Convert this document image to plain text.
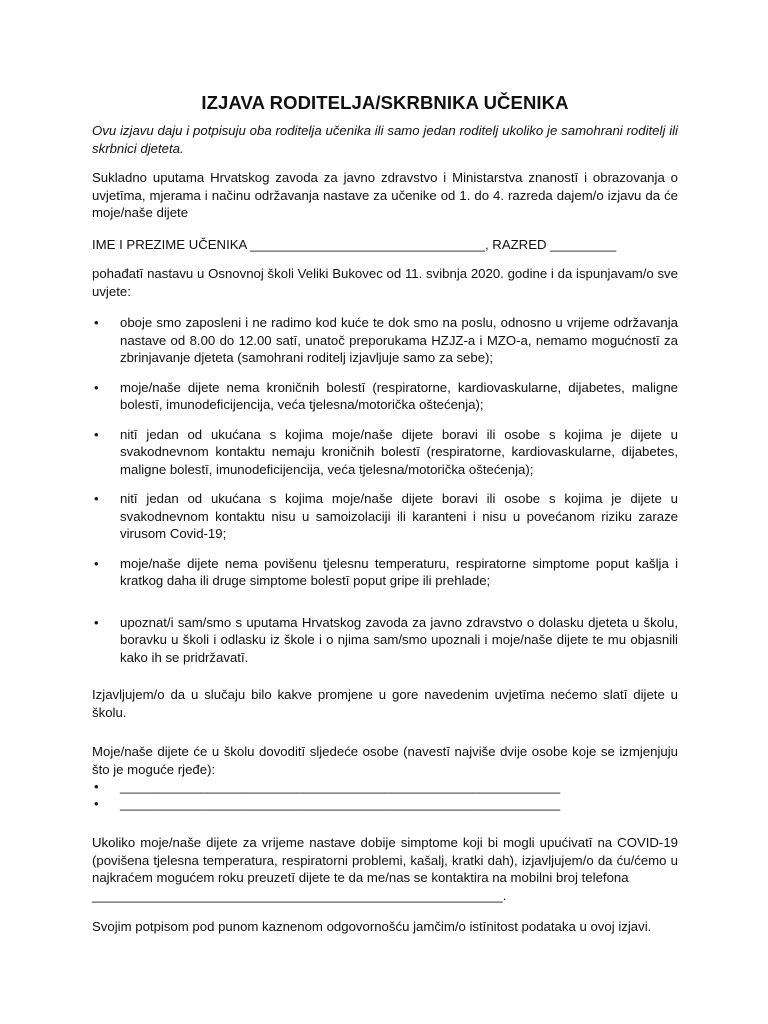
IZJAVA RODITELJA/SKRBNIKA UČENIKA

Ovu izjavu daju i potpisuju oba roditelja učenika ili samo jedan roditelj ukoliko je samohrani roditelj ili skrbnici djeteta.

Sukladno uputama Hrvatskog zavoda za javno zdravstvo i Ministarstva znanostī i obrazovanja o uvjetīma, mjerama i načinu održavanja nastave za učenike od 1. do 4. razreda dajem/o izjavu da će moje/naše dijete

IME I PREZIME UČENIKA ________________________________, RAZRED _________

pohađatī nastavu u Osnovnoj školi Veliki Bukovec od 11. svibnja 2020. godine i da ispunjavam/o sve uvjete:

• oboje smo zaposleni i ne radimo kod kuće te dok smo na poslu, odnosno u vrijeme održavanja nastave od 8.00 do 12.00 satī, unatoč preporukama HZJZ-a i MZO-a, nemamo mogućnostī za zbrinjavanje djeteta (samohrani roditelj izjavljuje samo za sebe);
• moje/naše dijete nema kroničnih bolestī (respiratorne, kardiovaskularne, dijabetes, maligne bolestī, imunodeficijencija, veća tjelesna/motorička oštećenja);
• nitī jedan od ukućana s kojima moje/naše dijete boravi ili osobe s kojima je dijete u svakodnevnom kontaktu nemaju kroničnih bolestī (respiratorne, kardiovaskularne, dijabetes, maligne bolestī, imunodeficijencija, veća tjelesna/motorička oštećenja);
• nitī jedan od ukućana s kojima moje/naše dijete boravi ili osobe s kojima je dijete u svakodnevnom kontaktu nisu u samoizolaciji ili karanteni i nisu u povećanom riziku zaraze virusom Covid-19;
• moje/naše dijete nema povišenu tjelesnu temperaturu, respiratorne simptome poput kašlja i kratkog daha ili druge simptome bolestī poput gripe ili prehlade;
• upoznat/i sam/smo s uputama Hrvatskog zavoda za javno zdravstvo o dolasku djeteta u školu, boravku u školi i odlasku iz škole i o njima sam/smo upoznali i moje/naše dijete te mu objasnili kako ih se pridržavatī.

Izjavljujem/o da u slučaju bilo kakve promjene u gore navedenim uvjetīma nećemo slatī dijete u školu.

Moje/naše dijete će u školu dovoditī sljedeće osobe (navestī najviše dvije osobe koje se izmjenjuju što je moguće rjeđe):

• ____________________________________________________________
• ____________________________________________________________

Ukoliko moje/naše dijete za vrijeme nastave dobije simptome koji bi mogli upućivatī na COVID-19 (povišena tjelesna temperatura, respiratorni problemi, kašalj, kratki dah), izjavljujem/o da ću/ćemo u najkraćem mogućem roku preuzetī dijete te da me/nas se kontaktira na mobilni broj telefona

________________________________________________________.

Svojim potpisom pod punom kaznenom odgovornošću jamčim/o istīnitost podataka u ovoj izjavi.
